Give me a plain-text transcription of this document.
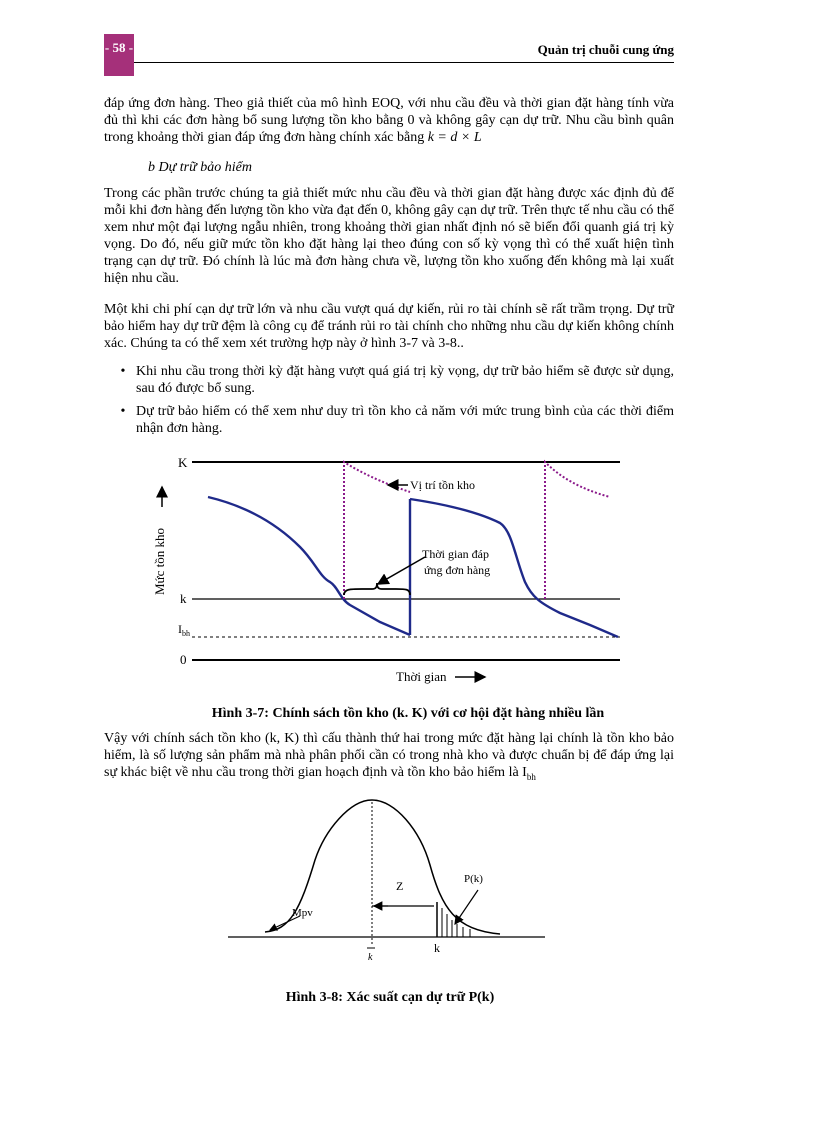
- 58 -	Quản trị chuỗi cung ứng
đáp ứng đơn hàng. Theo giả thiết của mô hình EOQ, với nhu cầu đều và thời gian đặt hàng tính vừa đủ thì khi các đơn hàng bổ sung lượng tồn kho bằng 0 và không gây cạn dự trữ. Nhu cầu bình quân trong khoảng thời gian đáp ứng đơn hàng chính xác bằng k = d × L
b Dự trữ bảo hiểm
Trong các phần trước chúng ta giả thiết mức nhu cầu đều và thời gian đặt hàng được xác định đủ để mỗi khi đơn hàng đến lượng tồn kho vừa đạt đến 0, không gây cạn dự trữ. Trên thực tế nhu cầu có thể xem như một đại lượng ngẫu nhiên, trong khoảng thời gian nhất định nó sẽ biến đổi quanh giá trị kỳ vọng. Do đó, nếu giữ mức tồn kho đặt hàng lại theo đúng con số kỳ vọng thì có thể xuất hiện tình trạng cạn dự trữ. Đó chính là lúc mà đơn hàng chưa về, lượng tồn kho xuống đến không mà lại xuất hiện nhu cầu.
Một khi chi phí cạn dự trữ lớn và nhu cầu vượt quá dự kiến, rủi ro tài chính sẽ rất trầm trọng. Dự trữ bảo hiểm hay dự trữ đệm là công cụ để tránh rủi ro tài chính cho những nhu cầu dự kiến không chính xác. Chúng ta có thể xem xét trường hợp này ở hình 3-7 và 3-8..
• Khi nhu cầu trong thời kỳ đặt hàng vượt quá giá trị kỳ vọng, dự trữ bảo hiểm sẽ được sử dụng, sau đó được bổ sung.
• Dự trữ bảo hiểm có thể xem như duy trì tồn kho cả năm với mức trung bình của các thời điểm nhận đơn hàng.
K
k
$I_{bh}$
0
Mức tồn kho
Vị trí tồn kho
Thời gian đáp
ứng đơn hàng
Thời gian
Hình 3-7: Chính sách tồn kho (k. K) với cơ hội đặt hàng nhiều lần
Vậy với chính sách tồn kho (k, K) thì cấu thành thứ hai trong mức đặt hàng lại chính là tồn kho bảo hiểm, là số lượng sản phẩm mà nhà phân phối cần có trong nhà kho và được chuẩn bị để đáp ứng lại sự khác biệt về nhu cầu trong thời gian hoạch định và tồn kho bảo hiểm là $I_{bh}$
Z	P(k)
Mpv
k
k
Hình 3-8: Xác suất cạn dự trữ P(k)
